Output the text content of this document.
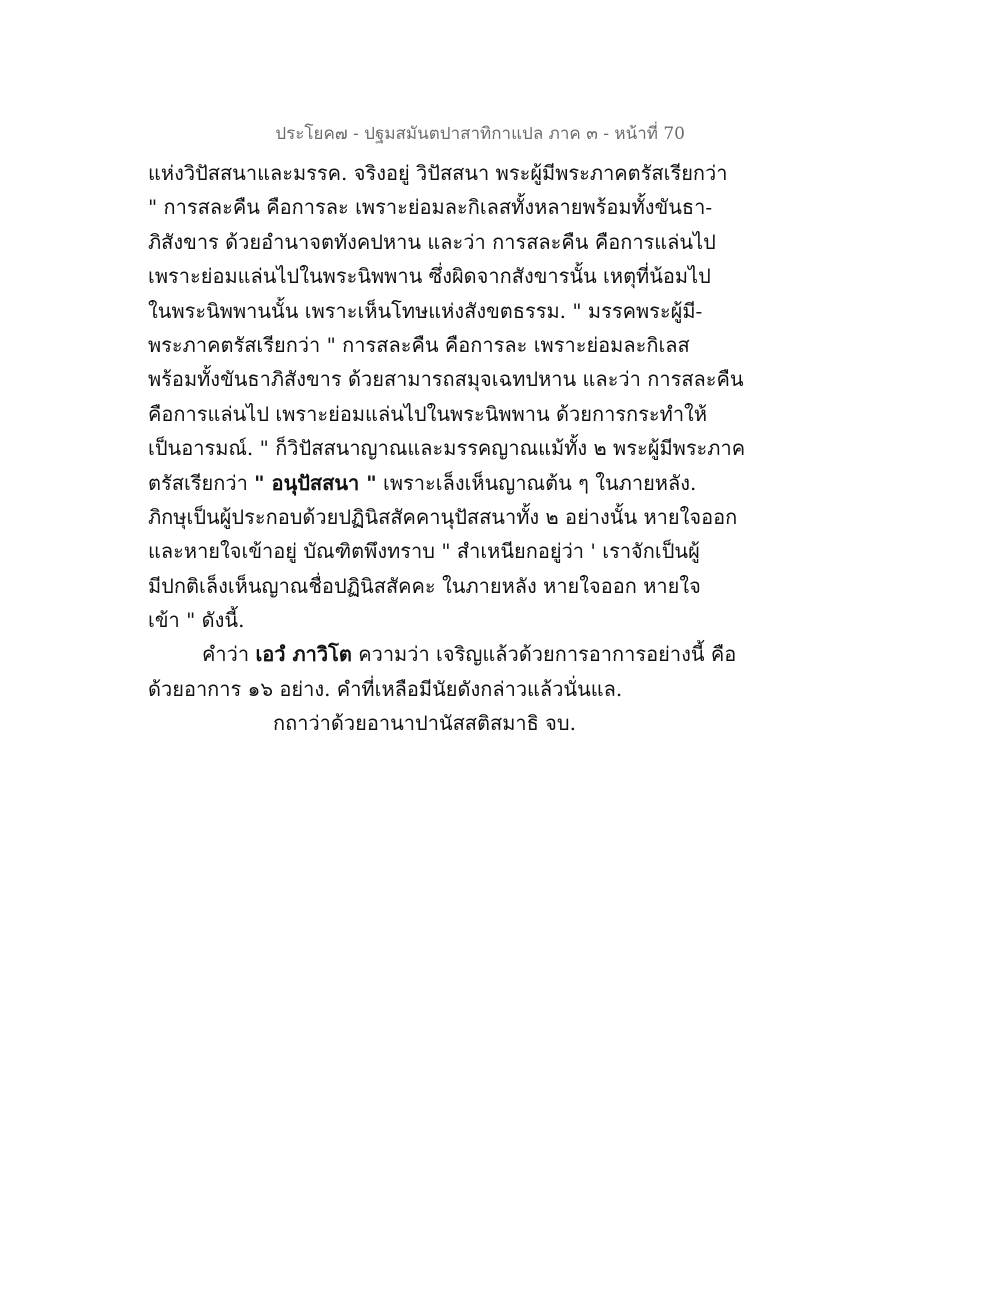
ประโยค๗ - ปฐมสมันตปาสาทิกาแปล ภาค ๓ - หน้าที่ 70
แห่งวิปัสสนาและมรรค. จริงอยู่ วิปัสสนา พระผู้มีพระภาคตรัสเรียกว่า
" การสละคืน คือการละ เพราะย่อมละกิเลสทั้งหลายพร้อมทั้งขันธา-
ภิสังขาร ด้วยอำนาจตทังคปหาน และว่า การสละคืน คือการแล่นไป
เพราะย่อมแล่นไปในพระนิพพาน ซึ่งผิดจากสังขารนั้น เหตุที่น้อมไป
ในพระนิพพานนั้น เพราะเห็นโทษแห่งสังขตธรรม. " มรรคพระผู้มี-
พระภาคตรัสเรียกว่า " การสละคืน คือการละ เพราะย่อมละกิเลส
พร้อมทั้งขันธาภิสังขาร ด้วยสามารถสมุจเฉทปหาน และว่า การสละคืน
คือการแล่นไป เพราะย่อมแล่นไปในพระนิพพาน ด้วยการกระทำให้
เป็นอารมณ์. " ก็วิปัสสนาญาณและมรรคญาณแม้ทั้ง ๒ พระผู้มีพระภาค
ตรัสเรียกว่า " อนุปัสสนา " เพราะเล็งเห็นญาณต้น ๆ ในภายหลัง.
ภิกษุเป็นผู้ประกอบด้วยปฏินิสสัคคานุปัสสนาทั้ง ๒ อย่างนั้น หายใจออก
และหายใจเข้าอยู่ บัณฑิตพึงทราบ " สำเหนียกอยู่ว่า ' เราจักเป็นผู้
มีปกติเล็งเห็นญาณชื่อปฏินิสสัคคะ ในภายหลัง หายใจออก หายใจ
เข้า " ดังนี้.
คำว่า เอวํ ภาวิโต ความว่า เจริญแล้วด้วยการอาการอย่างนี้ คือ
ด้วยอาการ ๑๖ อย่าง. คำที่เหลือมีนัยดังกล่าวแล้วนั่นแล.
กถาว่าด้วยอานาปานัสสติสมาธิ จบ.
